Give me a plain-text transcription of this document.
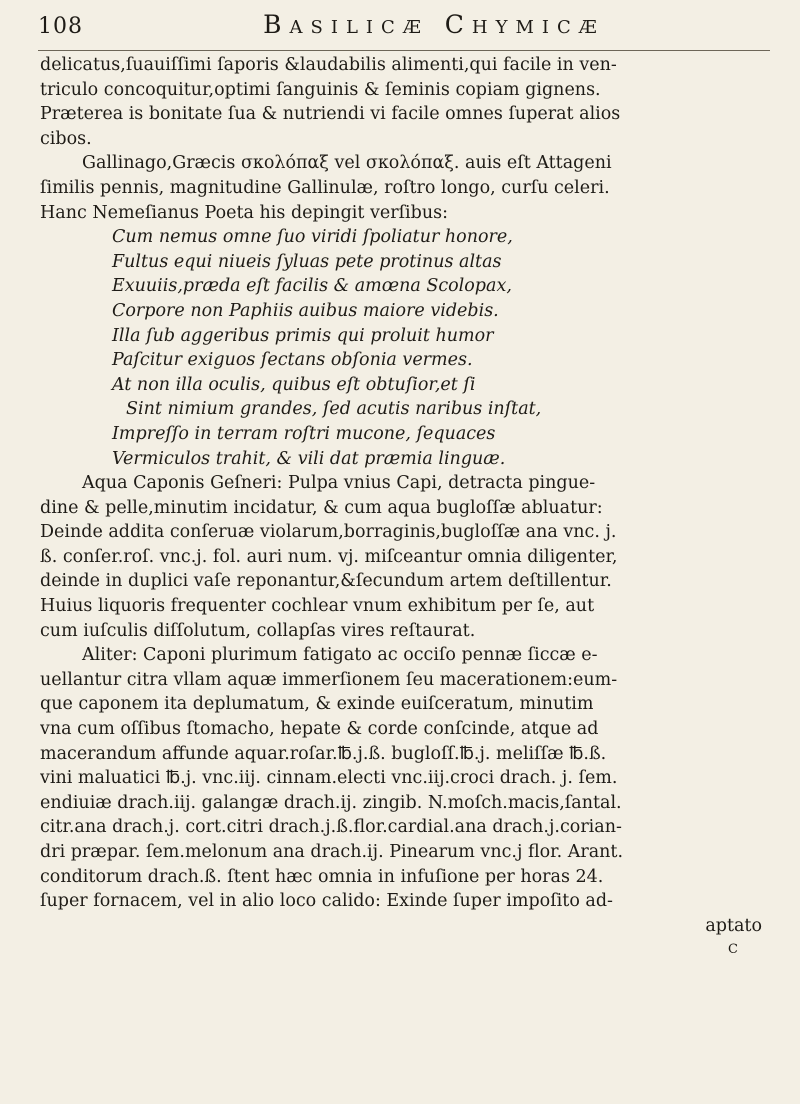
108	Basilicæ Chymicæ
delicatus,ſuauiſſimi ſaporis &laudabilis alimenti,qui facile in ven-
triculo concoquitur,optimi ſanguinis & ſeminis copiam gignens.
Præterea is bonitate ſua & nutriendi vi facile omnes ſuperat alios
cibos.
Gallinago,Græcis σκολόπαξ vel σκολόπαξ. auis eſt Attageni
ſimilis pennis, magnitudine Gallinulæ, roſtro longo, curſu celeri.
Hanc Nemeſianus Poeta his depingit verſibus:
Cum nemus omne ſuo viridi ſpoliatur honore,
Fultus equi niueis ſyluas pete protinus altas
Exuuiis,præda eſt facilis & amœna Scolopax,
Corpore non Paphiis auibus maiore videbis.
Illa ſub aggeribus primis qui proluit humor
Paſcitur exiguos ſectans obſonia vermes.
At non illa oculis, quibus eſt obtuſior,et ſi
Sint nimium grandes, ſed acutis naribus inſtat,
Impreſſo in terram roſtri mucone, ſequaces
Vermiculos trahit, & vili dat præmia linguæ.
Aqua Caponis Geſneri: Pulpa vnius Capi, detracta pingue-
dine & pelle,minutim incidatur, & cum aqua bugloſſæ abluatur:
Deinde addita conſeruæ violarum,borraginis,bugloſſæ ana vnc. j.
ß. conſer.roſ. vnc.j. fol. auri num. vj. miſceantur omnia diligenter,
deinde in duplici vaſe reponantur,&ſecundum artem deſtillentur.
Huius liquoris frequenter cochlear vnum exhibitum per ſe, aut
cum iuſculis diſſolutum, collapſas vires reſtaurat.
Aliter: Caponi plurimum fatigato ac occiſo pennæ ſiccæ e-
uellantur citra vllam aquæ immerſionem ſeu macerationem:eum-
que caponem ita deplumatum, & exinde euiſceratum, minutim
vna cum oſſibus ſtomacho, hepate & corde conſcinde, atque ad
macerandum affunde aquar.roſar.℔.j.ß. bugloſſ.℔.j. meliſſæ ℔.ß.
vini maluatici ℔.j. vnc.iij. cinnam.electi vnc.iij.croci drach. j. ſem.
endiuiæ drach.iij. galangæ drach.ij. zingib. N.moſch.macis,ſantal.
citr.ana drach.j. cort.citri drach.j.ß.flor.cardial.ana drach.j.corian-
dri præpar. ſem.melonum ana drach.ij. Pinearum vnc.j flor. Arant.
conditorum drach.ß. ſtent hæc omnia in infuſione per horas 24.
ſuper fornacem, vel in alio loco calido: Exinde ſuper impoſito ad-
aptato
C
